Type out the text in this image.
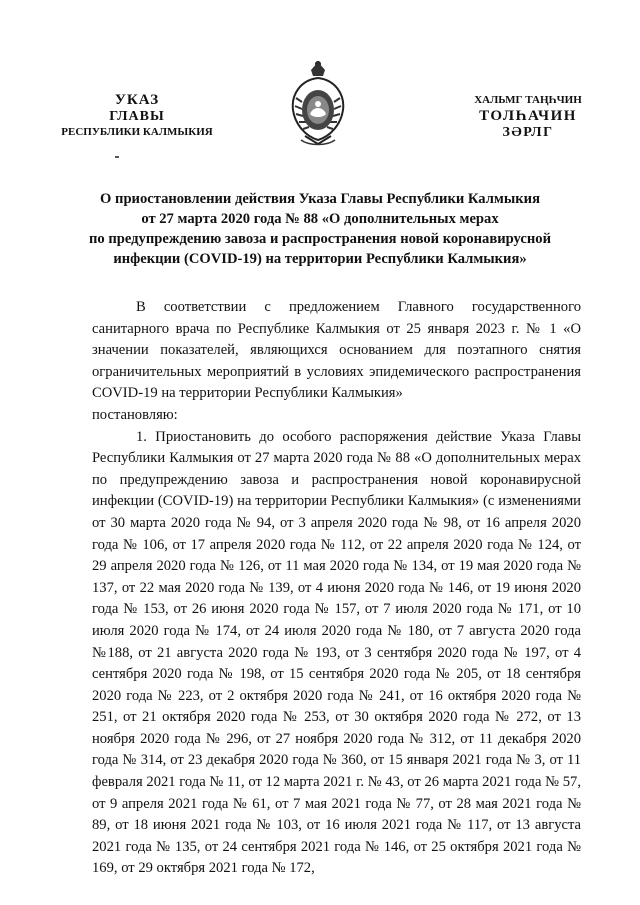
УКАЗ
ГЛАВЫ
РЕСПУБЛИКИ КАЛМЫКИЯ
ХАЛЬМГ ТАҢҺЧИН
ТОЛҺАЧИН
ЗӘРЛГ
О приостановлении действия Указа Главы Республики Калмыкия
от 27 марта 2020 года № 88 «О дополнительных мерах
по предупреждению завоза и распространения новой коронавирусной
инфекции (COVID-19) на территории Республики Калмыкия»

В соответствии с предложением Главного государственного санитарного врача по Республике Калмыкия от 25 января 2023 г. № 1 «О значении показателей, являющихся основанием для поэтапного снятия ограничительных мероприятий в условиях эпидемического распространения COVID-19 на территории Республики Калмыкия»

постановляю:

1. Приостановить до особого распоряжения действие Указа Главы Республики Калмыкия от 27 марта 2020 года № 88 «О дополнительных мерах по предупреждению завоза и распространения новой коронавирусной инфекции (COVID-19) на территории Республики Калмыкия» (с изменениями от 30 марта 2020 года № 94, от 3 апреля 2020 года № 98, от 16 апреля 2020 года № 106, от 17 апреля 2020 года № 112, от 22 апреля 2020 года № 124, от 29 апреля 2020 года № 126, от 11 мая 2020 года № 134, от 19 мая 2020 года № 137, от 22 мая 2020 года № 139, от 4 июня 2020 года № 146, от 19 июня 2020 года № 153, от 26 июня 2020 года № 157, от 7 июля 2020 года № 171, от 10 июля 2020 года № 174, от 24 июля 2020 года № 180, от 7 августа 2020 года №188, от 21 августа 2020 года № 193, от 3 сентября 2020 года № 197, от 4 сентября 2020 года № 198, от 15 сентября 2020 года № 205, от 18 сентября 2020 года № 223, от 2 октября 2020 года № 241, от 16 октября 2020 года № 251, от 21 октября 2020 года № 253, от 30 октября 2020 года № 272, от 13 ноября 2020 года № 296, от 27 ноября 2020 года № 312, от 11 декабря 2020 года № 314, от 23 декабря 2020 года № 360, от 15 января 2021 года № 3, от 11 февраля 2021 года № 11, от 12 марта 2021 г. № 43, от 26 марта 2021 года № 57, от 9 апреля 2021 года № 61, от 7 мая 2021 года № 77, от 28 мая 2021 года № 89, от 18 июня 2021 года № 103, от 16 июля 2021 года № 117, от 13 августа 2021 года № 135, от 24 сентября 2021 года № 146, от 25 октября 2021 года № 169, от 29 октября 2021 года № 172,
